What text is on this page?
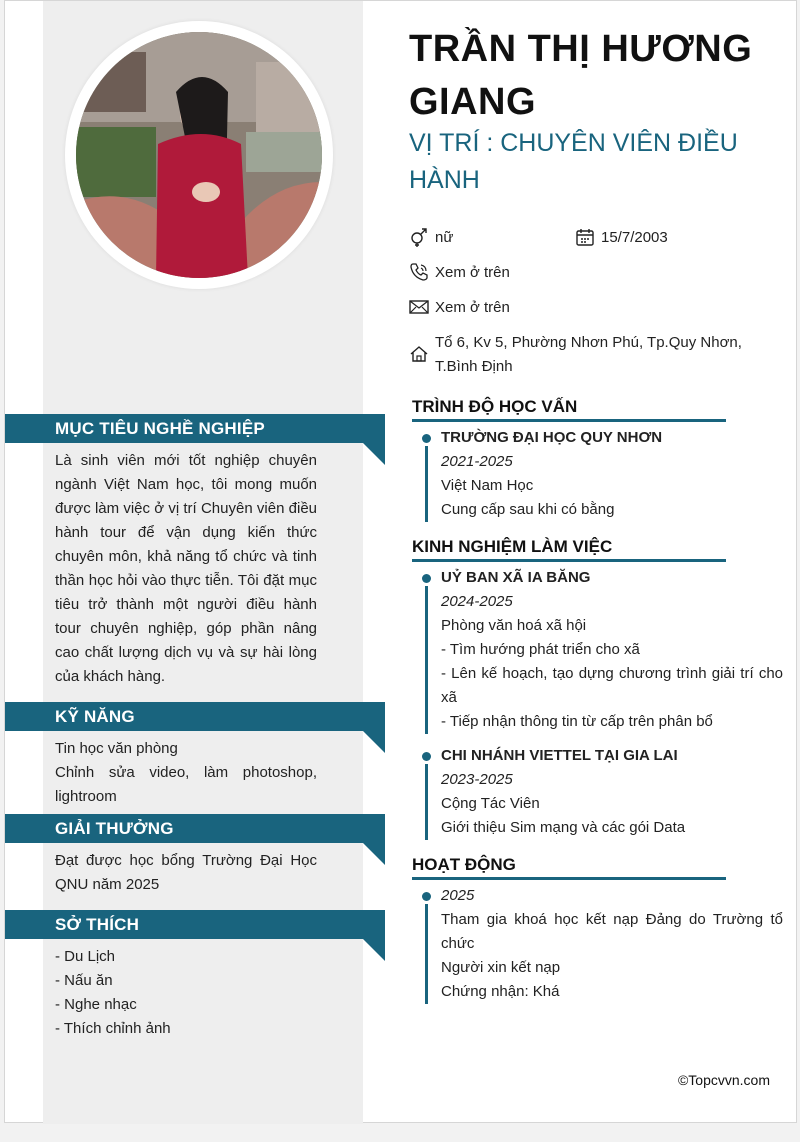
TRẦN THỊ HƯƠNG GIANG
VỊ TRÍ : CHUYÊN VIÊN ĐIỀU HÀNH
nữ	15/7/2003
Xem ở trên
Xem ở trên
Tổ 6, Kv 5, Phường Nhơn Phú, Tp.Quy Nhơn,
T.Bình Định
MỤC TIÊU NGHỀ NGHIỆP
Là sinh viên mới tốt nghiệp chuyên ngành Việt Nam học, tôi mong muốn được làm việc ở vị trí Chuyên viên điều hành tour để vận dụng kiến thức chuyên môn, khả năng tổ chức và tinh thần học hỏi vào thực tiễn. Tôi đặt mục tiêu trở thành một người điều hành tour chuyên nghiệp, góp phần nâng cao chất lượng dịch vụ và sự hài lòng của khách hàng.
KỸ NĂNG
Tin học văn phòng
Chỉnh sửa video, làm photoshop, lightroom
GIẢI THƯỞNG
Đạt được học bổng Trường Đại Học QNU năm 2025
SỞ THÍCH
- Du Lịch
- Nấu ăn
- Nghe nhạc
- Thích chỉnh ảnh
TRÌNH ĐỘ HỌC VẤN
TRƯỜNG ĐẠI HỌC QUY NHƠN
2021-2025
Việt Nam Học
Cung cấp sau khi có bằng
KINH NGHIỆM LÀM VIỆC
UỶ BAN XÃ IA BĂNG
2024-2025
Phòng văn hoá xã hội
- Tìm hướng phát triển cho xã
- Lên kế hoạch, tạo dựng chương trình giải trí cho xã
- Tiếp nhận thông tin từ cấp trên phân bổ
CHI NHÁNH VIETTEL TẠI GIA LAI
2023-2025
Cộng Tác Viên
Giới thiệu Sim mạng và các gói Data
HOẠT ĐỘNG
2025
Tham gia khoá học kết nạp Đảng do Trường tổ chức
Người xin kết nạp
Chứng nhận: Khá
©Topcvvn.com
